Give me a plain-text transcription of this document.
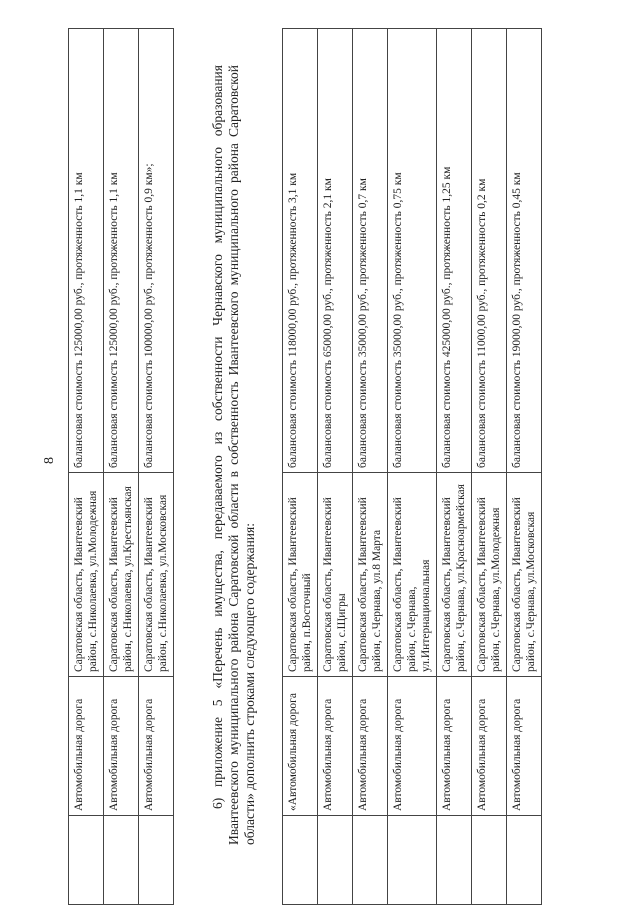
8
	Автомобильная дорога	Саратовская область, Ивантеевский район, с.Николаевка, ул.Молодежная	балансовая стоимость 125000,00 руб., протяженность 1,1 км
	Автомобильная дорога	Саратовская область, Ивантеевский район, с.Николаевка, ул.Крестьянская	балансовая стоимость 125000,00 руб., протяженность 1,1 км
	Автомобильная дорога	Саратовская область, Ивантеевский район, с.Николаевка, ул.Московская	балансовая стоимость 100000,00 руб., протяженность 0,9 км»;	6) приложение 5 «Перечень имущества, передаваемого из собственности Чернавского муниципального образования Ивантеевского муниципального района Саратовской области в собственность Ивантеевского муниципального района Саратовской области» дополнить строками следующего содержания:

		«Автомобильная дорога	Саратовская область, Ивантеевский район, п.Восточный	балансовая стоимость 118000,00 руб., протяженность 3,1 км
	Автомобильная дорога	Саратовская область, Ивантеевский район, с.Щигры	балансовая стоимость 65000,00 руб., протяженность 2,1 км
	Автомобильная дорога	Саратовская область, Ивантеевский район, с.Чернава, ул.8 Марта	балансовая стоимость 35000,00 руб., протяженность 0,7 км
	Автомобильная дорога	Саратовская область, Ивантеевский район, с.Чернава, ул.Интернациональная	балансовая стоимость 35000,00 руб., протяженность 0,75 км
	Автомобильная дорога	Саратовская область, Ивантеевский район, с.Чернава, ул.Красноармейская	балансовая стоимость 425000,00 руб., протяженность 1,25 км
	Автомобильная дорога	Саратовская область, Ивантеевский район, с.Чернава, ул.Молодежная	балансовая стоимость 11000,00 руб., протяженность 0,2 км
	Автомобильная дорога	Саратовская область, Ивантеевский район, с.Чернава, ул.Московская	балансовая стоимость 19000,00 руб., протяженность 0,45 км
